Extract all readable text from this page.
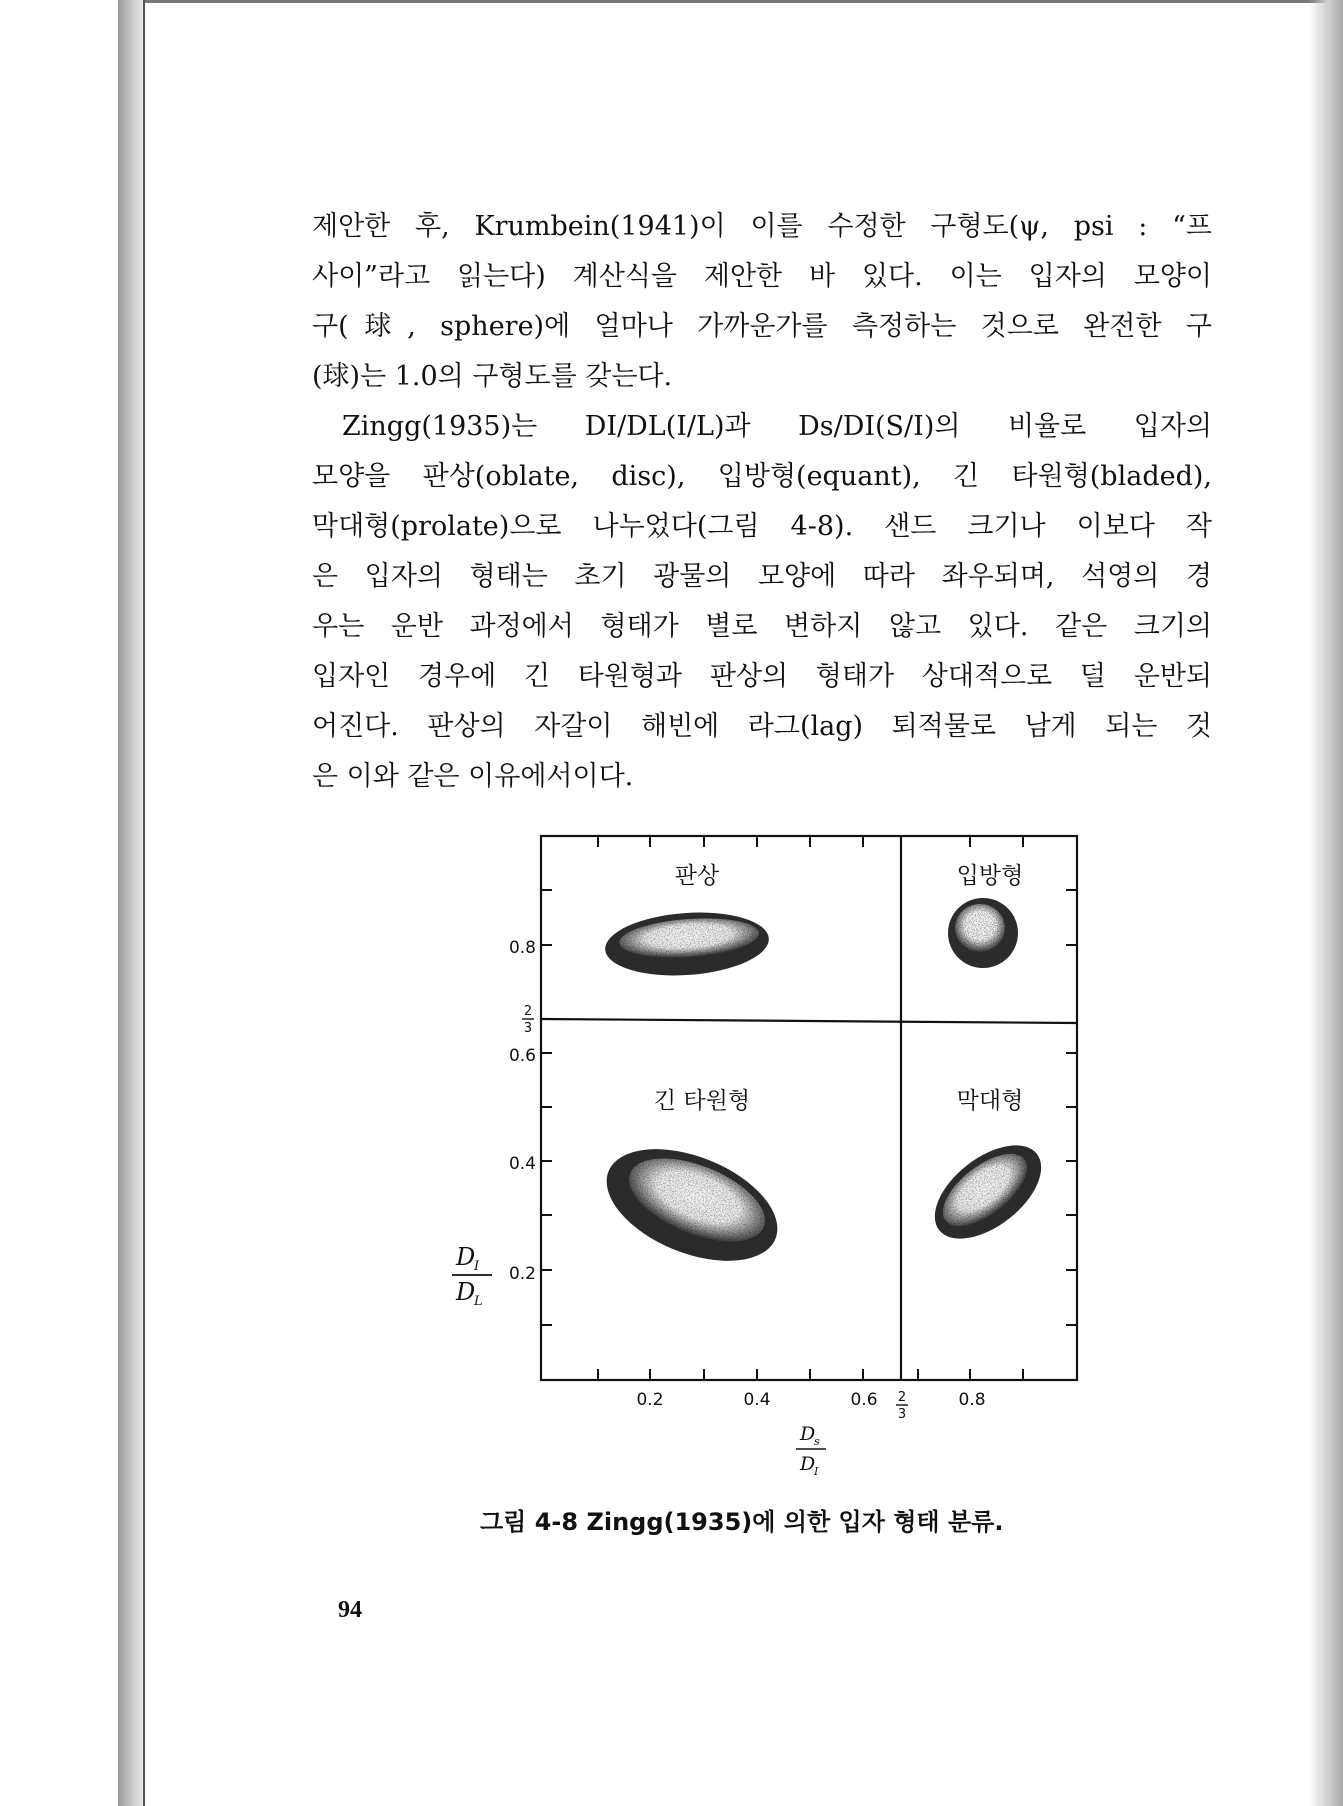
제안한 후, Krumbein(1941)이 이를 수정한 구형도(ψ, psi : “프
사이”라고 읽는다) 계산식을 제안한 바 있다. 이는 입자의 모양이
구(球, sphere)에 얼마나 가까운가를 측정하는 것으로 완전한 구
(球)는 1.0의 구형도를 갖는다.
Zingg(1935)는 DI/DL(I/L)과 Ds/DI(S/I)의 비율로 입자의
모양을 판상(oblate, disc), 입방형(equant), 긴 타원형(bladed),
막대형(prolate)으로 나누었다(그림 4-8). 샌드 크기나 이보다 작
은 입자의 형태는 초기 광물의 모양에 따라 좌우되며, 석영의 경
우는 운반 과정에서 형태가 별로 변하지 않고 있다. 같은 크기의
입자인 경우에 긴 타원형과 판상의 형태가 상대적으로 덜 운반되
어진다. 판상의 자갈이 해빈에 라그(lag) 퇴적물로 남게 되는 것
은 이와 같은 이유에서이다.
0.8
0.6
0.4
0.2
2
3
0.2	0.4	0.6	0.8
2
3
D
I
D
L
D
s
D
I
판상	입방형
긴 타원형	막대형
그림 4-8 Zingg(1935)에 의한 입자 형태 분류.
94
